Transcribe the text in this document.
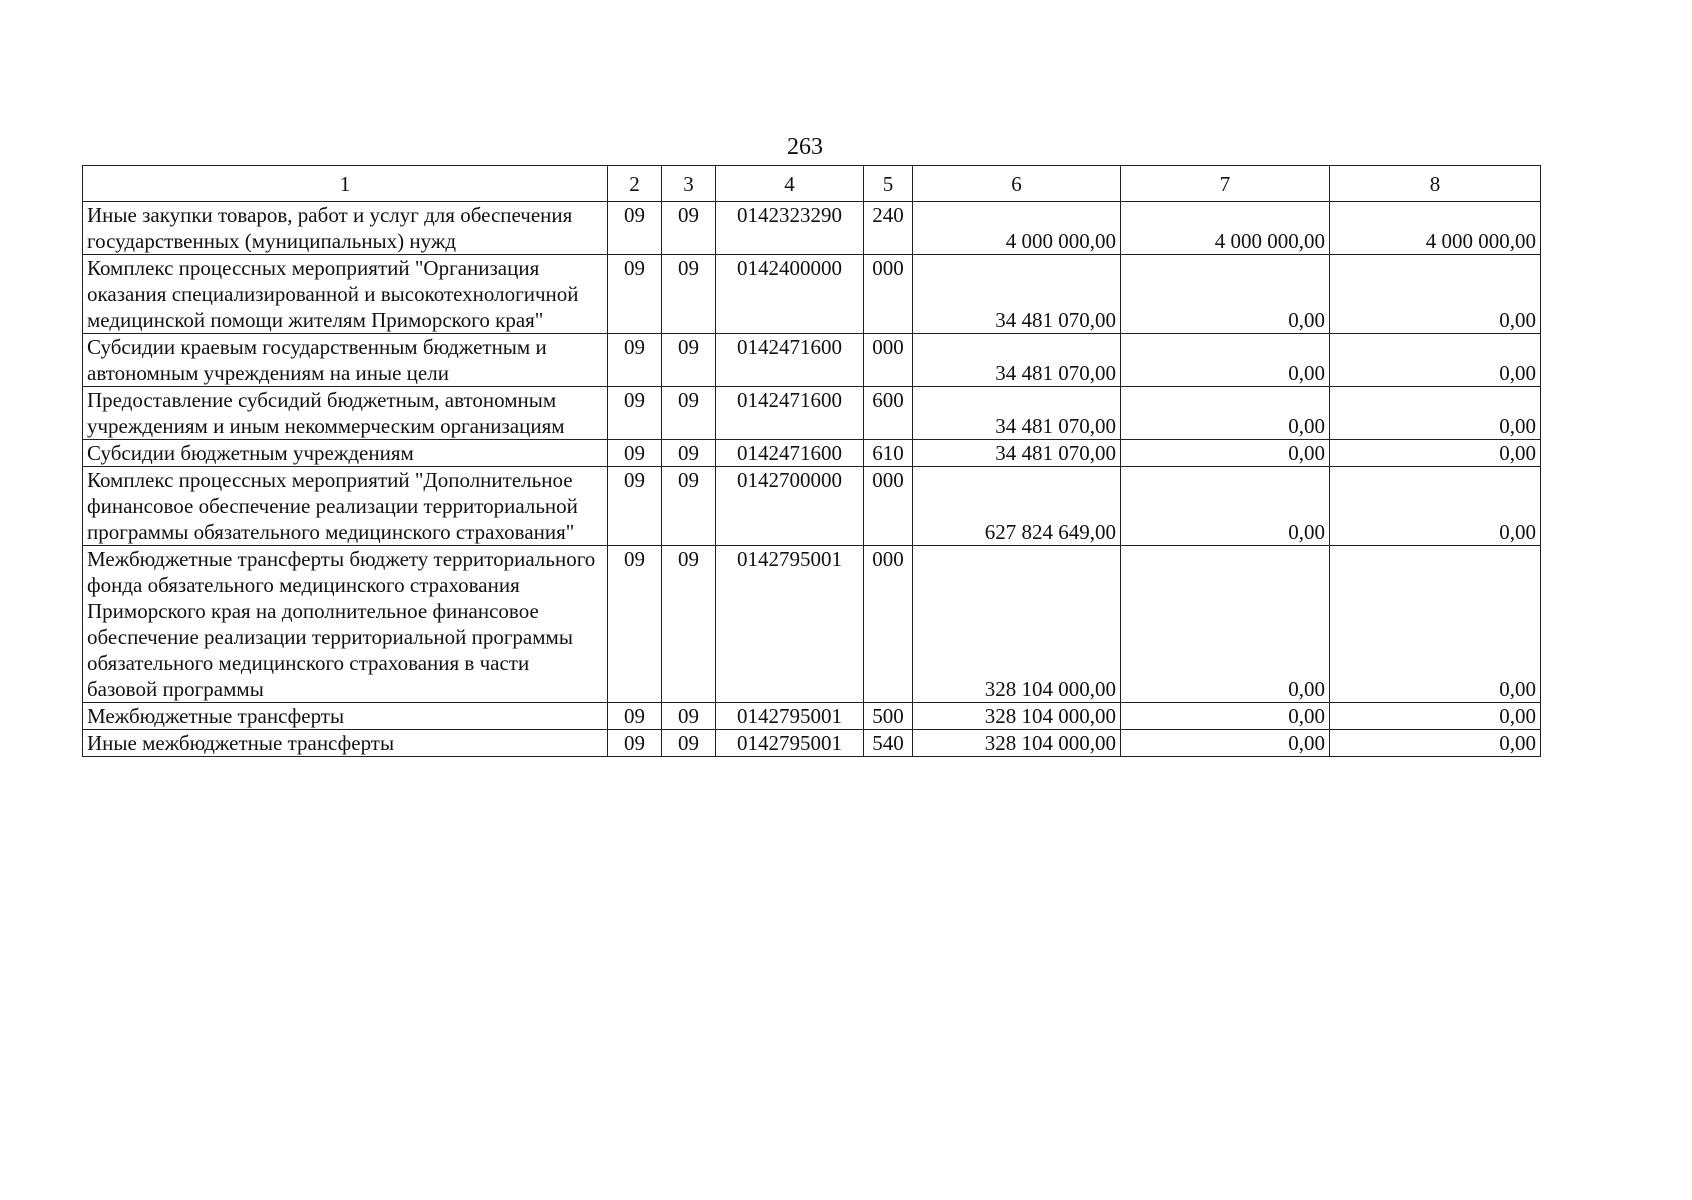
263
1	2	3	4	5	6	7	8
Иные закупки товаров, работ и услуг для обеспечения государственных (муниципальных) нужд	09	09	0142323290	240	4 000 000,00	4 000 000,00	4 000 000,00
Комплекс процессных мероприятий "Организация оказания специализированной и высокотехнологичной медицинской помощи жителям Приморского края"	09	09	0142400000	000	34 481 070,00	0,00	0,00
Субсидии краевым государственным бюджетным и автономным учреждениям на иные цели	09	09	0142471600	000	34 481 070,00	0,00	0,00
Предоставление субсидий бюджетным, автономным учреждениям и иным некоммерческим организациям	09	09	0142471600	600	34 481 070,00	0,00	0,00
Субсидии бюджетным учреждениям	09	09	0142471600	610	34 481 070,00	0,00	0,00
Комплекс процессных мероприятий "Дополнительное финансовое обеспечение реализации территориальной программы обязательного медицинского страхования"	09	09	0142700000	000	627 824 649,00	0,00	0,00
Межбюджетные трансферты бюджету территориального фонда обязательного медицинского страхования Приморского края на дополнительное финансовое обеспечение реализации территориальной программы обязательного медицинского страхования в части базовой программы	09	09	0142795001	000	328 104 000,00	0,00	0,00
Межбюджетные трансферты	09	09	0142795001	500	328 104 000,00	0,00	0,00
Иные межбюджетные трансферты	09	09	0142795001	540	328 104 000,00	0,00	0,00
